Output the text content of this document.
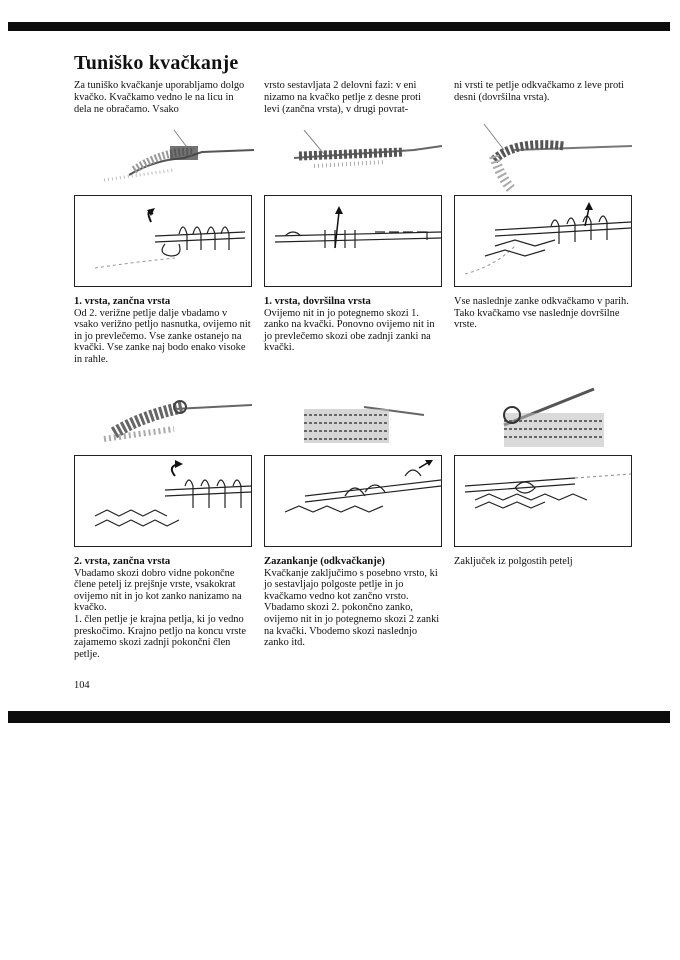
Tuniško kvačkanje

Za tuniško kvačkanje uporabljamo dolgo kvačko. Kvačkamo vedno le na licu in dela ne obračamo. Vsako

vrsto sestavljata 2 delovni fazi: v eni nizamo na kvačko petlje z desne proti levi (zančna vrsta), v drugi povrat-

ni vrsti te petlje odkvačkamo z leve proti desni (dovršilna vrsta).

1. vrsta, zančna vrsta

Od 2. verižne petlje dalje vbadamo v vsako verižno petljo nasnutka, ovijemo nit in jo prevlečemo. Vse zanke ostanejo na kvački. Vse zanke naj bodo enako visoke in rahle.

1. vrsta, dovršilna vrsta

Ovijemo nit in jo potegnemo skozi 1. zanko na kvački. Ponovno ovijemo nit in jo prevlečemo skozi obe zadnji zanki na kvački.

Vse naslednje zanke odkvačkamo v parih. Tako kvačkamo vse naslednje dovršilne vrste.

2. vrsta, zančna vrsta

Vbadamo skozi dobro vidne pokončne člene petelj iz prejšnje vrste, vsakokrat ovijemo nit in jo kot zanko nanizamo na kvačko.
1. člen petlje je krajna petlja, ki jo vedno preskočimo. Krajno petljo na koncu vrste zajamemo skozi zadnji pokončni člen petlje.

Zazankanje (odkvačkanje)

Kvačkanje zaključimo s posebno vrsto, ki jo sestavljajo polgoste petlje in jo kvačkamo vedno kot zančno vrsto. Vbadamo skozi 2. pokončno zanko, ovijemo nit in jo potegnemo skozi 2 zanki na kvački. Vbodemo skozi naslednjo zanko itd.

Zaključek iz polgostih petelj

104
